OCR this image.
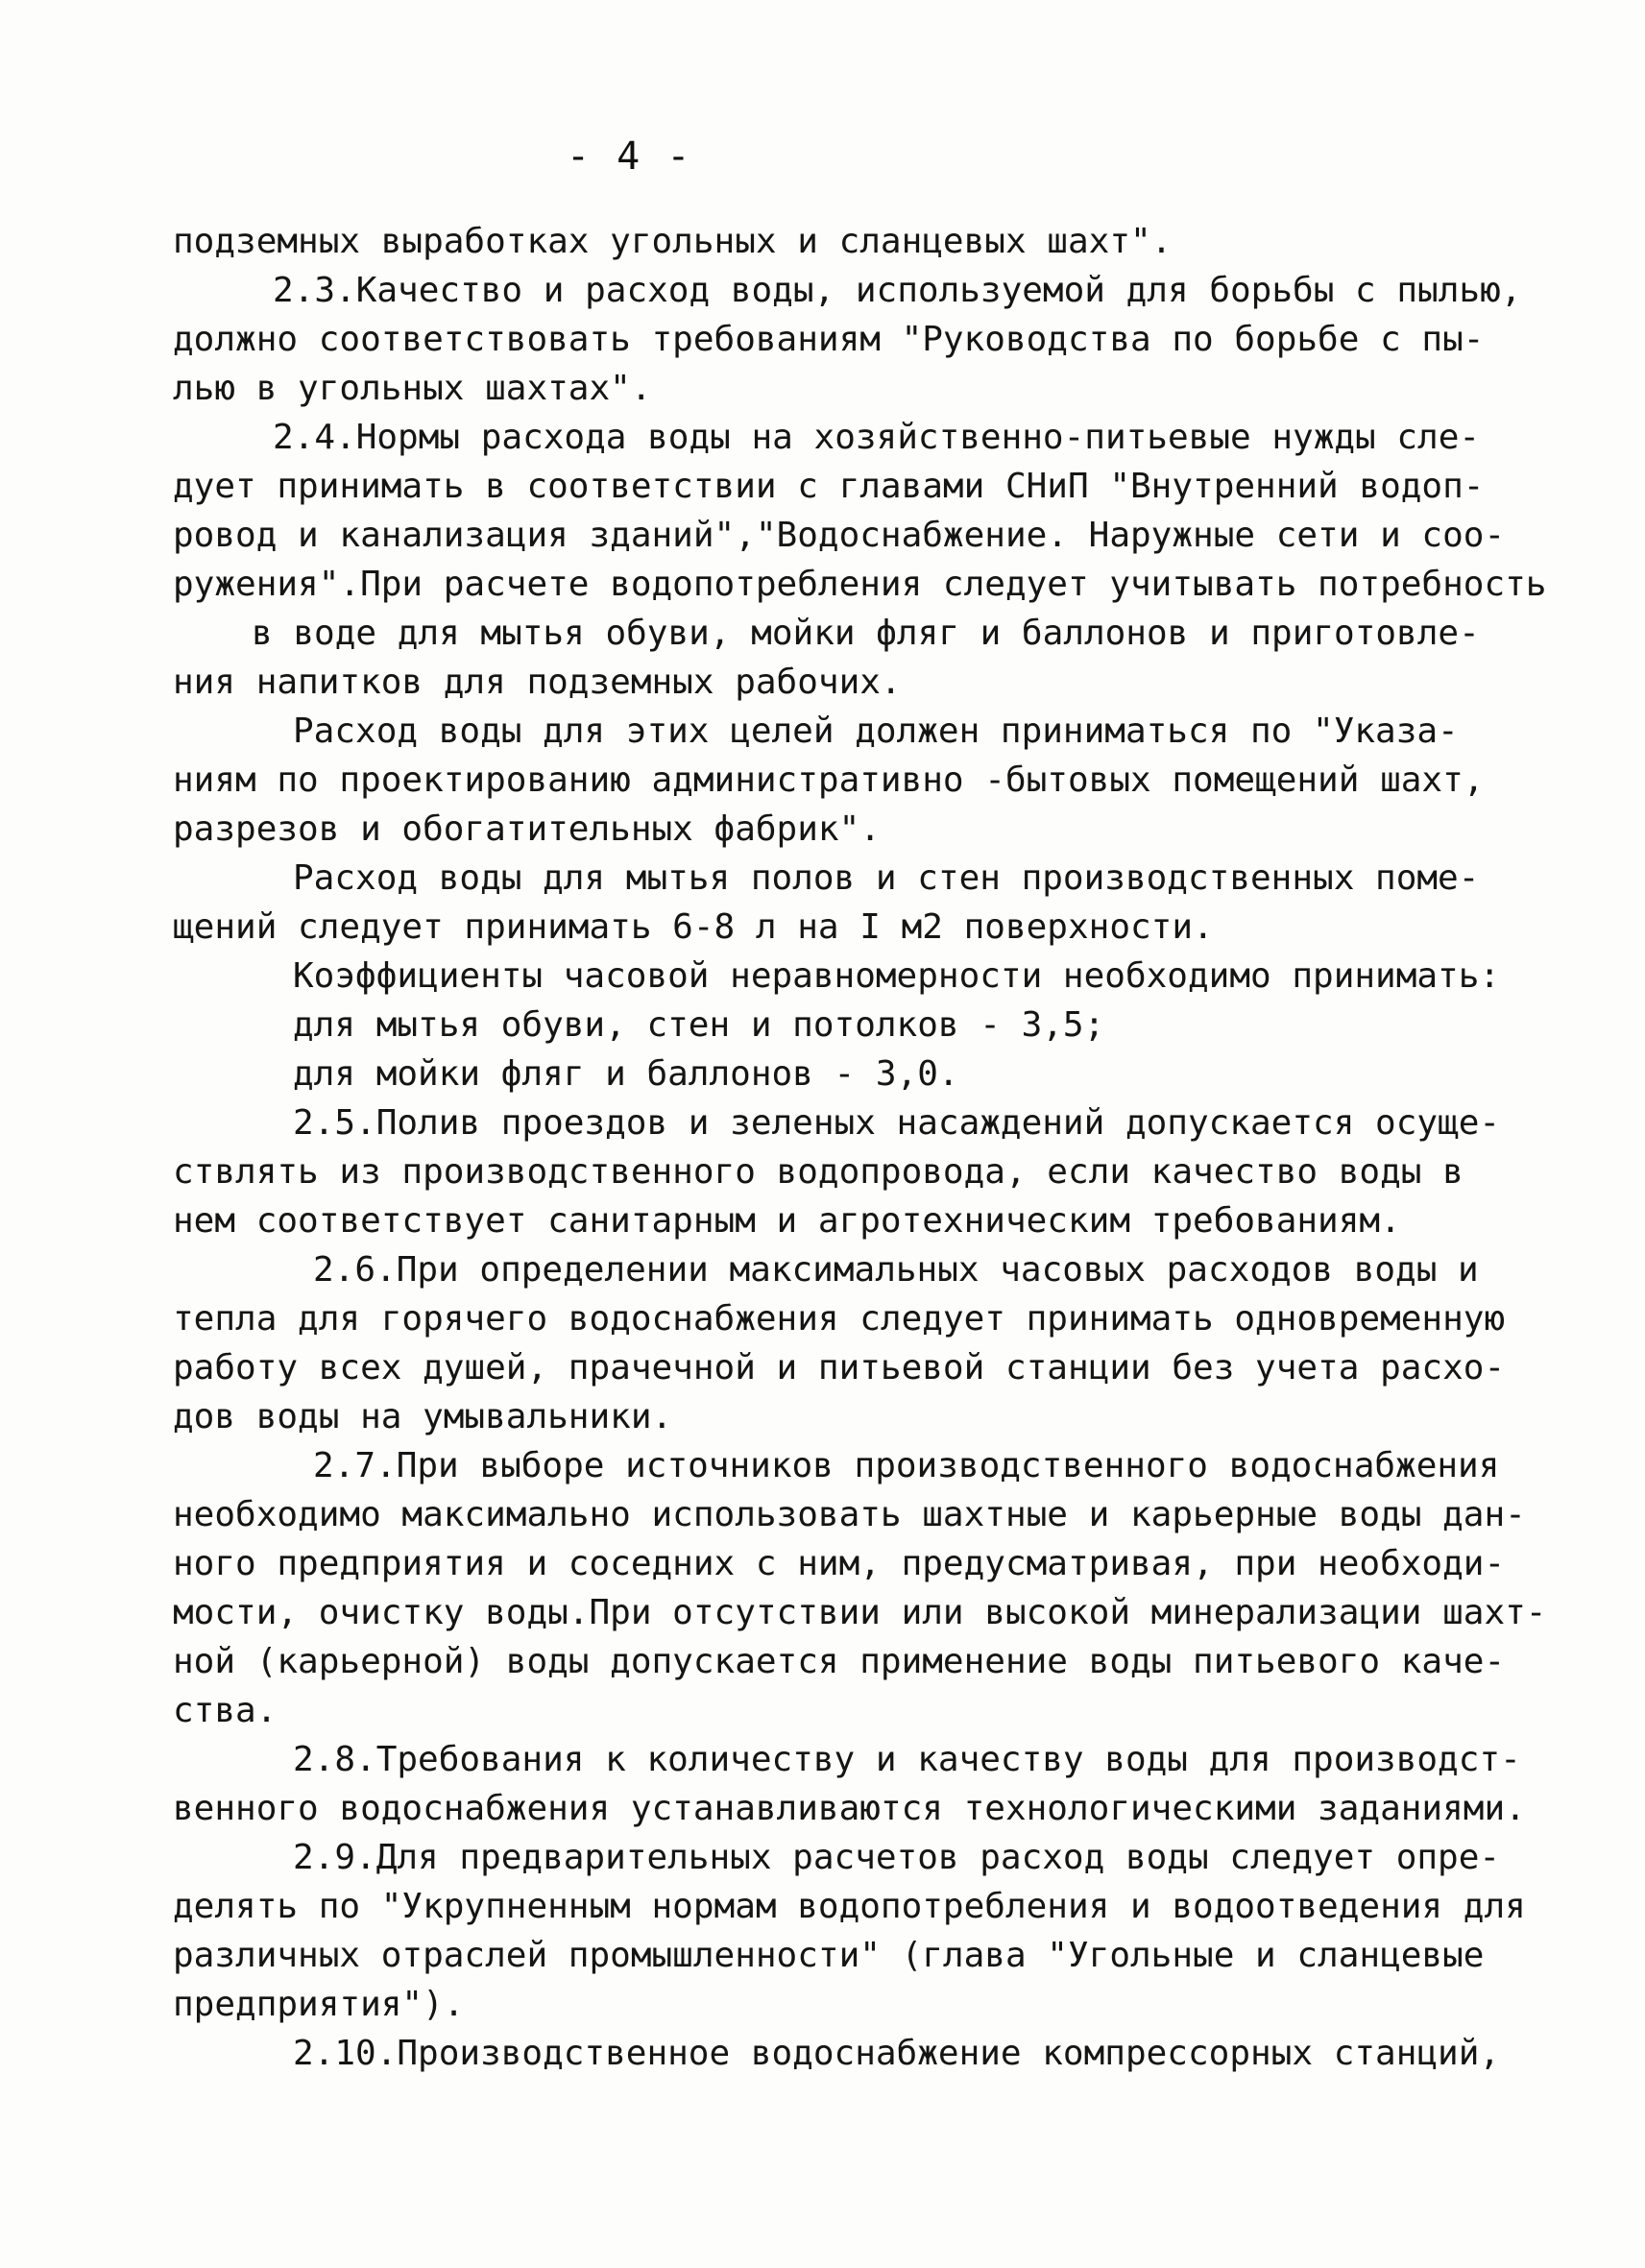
- 4 -
подземных выработках угольных и сланцевых шахт".
2.3.Качество и расход воды, используемой для борьбы с пылью,
должно соответствовать требованиям "Руководства по борьбе с пы-
лью в угольных шахтах".
2.4.Нормы расхода воды на хозяйственно-питьевые нужды сле-
дует принимать в соответствии с главами СНиП "Внутренний водоп-
ровод и канализация зданий","Водоснабжение. Наружные сети и соо-
ружения".При расчете водопотребления следует учитывать потребность
в воде для мытья обуви, мойки фляг и баллонов и приготовле-
ния напитков для подземных рабочих.
Расход воды для этих целей должен приниматься по "Указа-
ниям по проектированию административно -бытовых помещений шахт,
разрезов и обогатительных фабрик".
Расход воды для мытья полов и стен производственных поме-
щений следует принимать 6-8 л на I м2 поверхности.
Коэффициенты часовой неравномерности необходимо принимать:
для мытья обуви, стен и потолков - 3,5;
для мойки фляг и баллонов - 3,0.
2.5.Полив проездов и зеленых насаждений допускается осуще-
ствлять из производственного водопровода, если качество воды в
нем соответствует санитарным и агротехническим требованиям.
2.6.При определении максимальных часовых расходов воды и
тепла для горячего водоснабжения следует принимать одновременную
работу всех душей, прачечной и питьевой станции без учета расхо-
дов воды на умывальники.
2.7.При выборе источников производственного водоснабжения
необходимо максимально использовать шахтные и карьерные воды дан-
ного предприятия и соседних с ним, предусматривая, при необходи-
мости, очистку воды.При отсутствии или высокой минерализации шахт-
ной (карьерной) воды допускается применение воды питьевого каче-
ства.
2.8.Требования к количеству и качеству воды для производст-
венного водоснабжения устанавливаются технологическими заданиями.
2.9.Для предварительных расчетов расход воды следует опре-
делять по "Укрупненным нормам водопотребления и водоотведения для
различных отраслей промышленности" (глава "Угольные и сланцевые
предприятия").
2.10.Производственное водоснабжение компрессорных станций,
